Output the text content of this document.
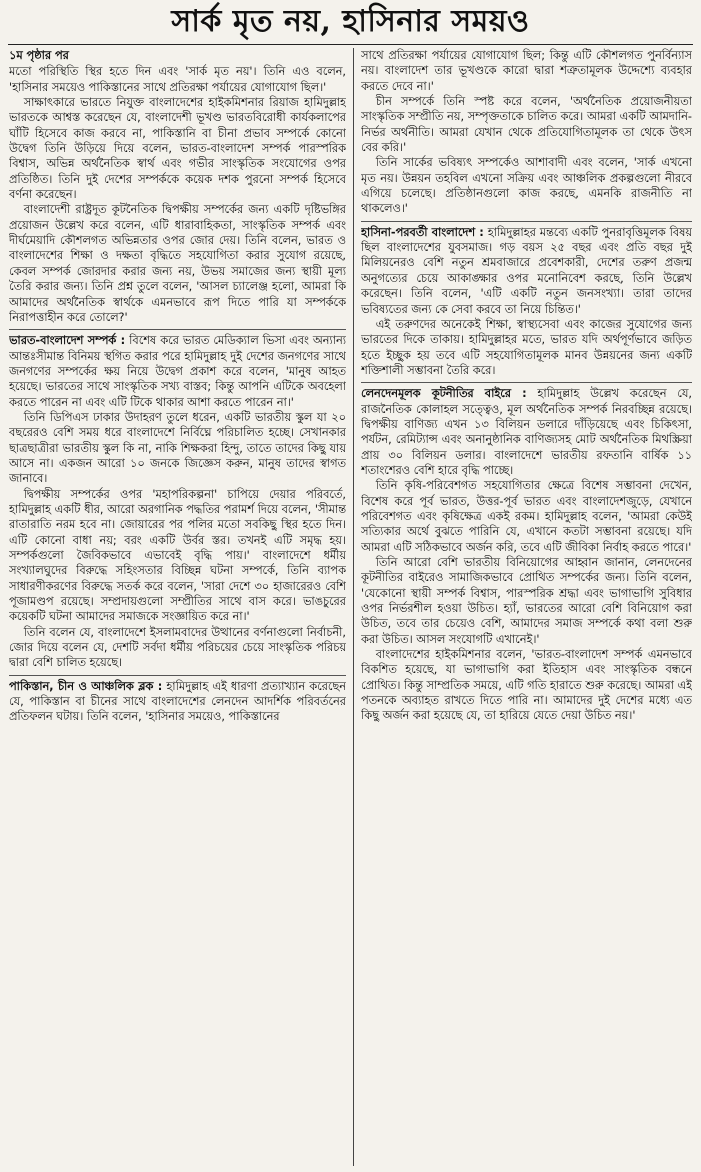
সার্ক মৃত নয়, হাসিনার সময়ও
১ম পৃষ্ঠার পর

মতো পরিস্থিতি স্থির হতে দিন এবং 'সার্ক মৃত নয়'। তিনি এও বলেন, 'হাসিনার সময়েও পাকিস্তানের সাথে প্রতিরক্ষা পর্যায়ের যোগাযোগ ছিল।'

সাক্ষাৎকারে ভারতে নিযুক্ত বাংলাদেশের হাইকমিশনার রিয়াজ হামিদুল্লাহ ভারতকে আশ্বস্ত করেছেন যে, বাংলাদেশী ভূখণ্ড ভারতবিরোধী কার্যকলাপের ঘাঁটি হিসেবে কাজ করবে না, পাকিস্তানি বা চীনা প্রভাব সম্পর্কে কোনো উদ্বেগ তিনি উড়িয়ে দিয়ে বলেন, ভারত-বাংলাদেশ সম্পর্ক পারস্পরিক বিশ্বাস, অভিন্ন অর্থনৈতিক স্বার্থ এবং গভীর সাংস্কৃতিক সংযোগের ওপর প্রতিষ্ঠিত। তিনি দুই দেশের সম্পর্ককে কয়েক দশক পুরনো সম্পর্ক হিসেবে বর্ণনা করেছেন।

বাংলাদেশী রাষ্ট্রদূত কূটনৈতিক দ্বিপক্ষীয় সম্পর্কের জন্য একটি দৃষ্টিভঙ্গির প্রয়োজন উল্লেখ করে বলেন, এটি ধারাবাহিকতা, সাংস্কৃতিক সম্পর্ক এবং দীর্ঘমেয়াদি কৌশলগত অভিন্নতার ওপর জোর দেয়। তিনি বলেন, ভারত ও বাংলাদেশের শিক্ষা ও দক্ষতা বৃদ্ধিতে সহযোগিতা করার সুযোগ রয়েছে, কেবল সম্পর্ক জোরদার করার জন্য নয়, উভয় সমাজের জন্য স্থায়ী মূল্য তৈরি করার জন্য। তিনি প্রশ্ন তুলে বলেন, 'আসল চ্যালেঞ্জ হলো, আমরা কি আমাদের অর্থনৈতিক স্বার্থকে এমনভাবে রূপ দিতে পারি যা সম্পর্ককে নিরাপত্তাহীন করে তোলে?'

ভারত-বাংলাদেশ সম্পর্ক : বিশেষ করে ভারত মেডিক্যাল ভিসা এবং অন্যান্য আন্তঃসীমান্ত বিনিময় স্থগিত করার পরে হামিদুল্লাহ দুই দেশের জনগণের সাথে জনগণের সম্পর্কের ক্ষয় নিয়ে উদ্বেগ প্রকাশ করে বলেন, 'মানুষ আহত হয়েছে। ভারতের সাথে সাংস্কৃতিক সখ্য বাস্তব; কিন্তু আপনি এটিকে অবহেলা করতে পারেন না এবং এটি টিকে থাকার আশা করতে পারেন না।'

তিনি ডিপিএস ঢাকার উদাহরণ তুলে ধরেন, একটি ভারতীয় স্কুল যা ২০ বছরেরও বেশি সময় ধরে বাংলাদেশে নির্বিঘ্নে পরিচালিত হচ্ছে। সেখানকার ছাত্রছাত্রীরা ভারতীয় স্কুল কি না, নাকি শিক্ষকরা হিন্দু, তাতে তাদের কিছু যায় আসে না। একজন আরো ১০ জনকে জিজ্ঞেস করুন, মানুষ তাদের স্বাগত জানাবে।

দ্বিপক্ষীয় সম্পর্কের ওপর 'মহাপরিকল্পনা' চাপিয়ে দেয়ার পরিবর্তে, হামিদুল্লাহ একটি ধীর, আরো অরগানিক পদ্ধতির পরামর্শ দিয়ে বলেন, 'সীমান্ত রাতারাতি নরম হবে না। জোয়ারের পর পলির মতো সবকিছু স্থির হতে দিন। এটি কোনো বাধা নয়; বরং একটি উর্বর স্তর। তখনই এটি সমৃদ্ধ হয়। সম্পর্কগুলো জৈবিকভাবে এভাবেই বৃদ্ধি পায়।' বাংলাদেশে ধর্মীয় সংখ্যালঘুদের বিরুদ্ধে সহিংসতার বিচ্ছিন্ন ঘটনা সম্পর্কে, তিনি ব্যাপক সাধারণীকরণের বিরুদ্ধে সতর্ক করে বলেন, 'সারা দেশে ৩০ হাজারেরও বেশি পূজামণ্ডপ রয়েছে। সম্প্রদায়গুলো সম্প্রীতির সাথে বাস করে। ভাঙচুরের কয়েকটি ঘটনা আমাদের সমাজকে সংজ্ঞায়িত করে না।'

তিনি বলেন যে, বাংলাদেশে ইসলামবাদের উত্থানের বর্ণনাগুলো নির্বাচনী, জোর দিয়ে বলেন যে, দেশটি সর্বদা ধর্মীয় পরিচয়ের চেয়ে সাংস্কৃতিক পরিচয় দ্বারা বেশি চালিত হয়েছে।

পাকিস্তান, চীন ও আঞ্চলিক ব্লক : হামিদুল্লাহ এই ধারণা প্রত্যাখ্যান করেছেন যে, পাকিস্তান বা চীনের সাথে বাংলাদেশের লেনদেন আদর্শিক পরিবর্তনের প্রতিফলন ঘটায়। তিনি বলেন, 'হাসিনার সময়েও, পাকিস্তানের

সাথে প্রতিরক্ষা পর্যায়ের যোগাযোগ ছিল; কিন্তু এটি কৌশলগত পুনর্বিন্যাস নয়। বাংলাদেশ তার ভূখণ্ডকে কারো দ্বারা শত্রুতামূলক উদ্দেশ্যে ব্যবহার করতে দেবে না।'

চীন সম্পর্কে তিনি স্পষ্ট করে বলেন, 'অর্থনৈতিক প্রয়োজনীয়তা সাংস্কৃতিক সম্প্রীতি নয়, সম্পৃক্ততাকে চালিত করে। আমরা একটি আমদানি-নির্ভর অর্থনীতি। আমরা যেখান থেকে প্রতিযোগিতামূলক তা থেকে উৎস বের করি।'

তিনি সার্কের ভবিষ্যৎ সম্পর্কেও আশাবাদী এবং বলেন, 'সার্ক এখনো মৃত নয়। উন্নয়ন তহবিল এখনো সক্রিয় এবং আঞ্চলিক প্রকল্পগুলো নীরবে এগিয়ে চলেছে। প্রতিষ্ঠানগুলো কাজ করছে, এমনকি রাজনীতি না থাকলেও।'

হাসিনা-পরবর্তী বাংলাদেশ : হামিদুল্লাহর মন্তব্যে একটি পুনরাবৃত্তিমূলক বিষয় ছিল বাংলাদেশের যুবসমাজ। গড় বয়স ২৫ বছর এবং প্রতি বছর দুই মিলিয়নেরও বেশি নতুন শ্রমবাজারে প্রবেশকারী, দেশের তরুণ প্রজন্ম অনুগত্যের চেয়ে আকাঙ্ক্ষার ওপর মনোনিবেশ করছে, তিনি উল্লেখ করেছেন। তিনি বলেন, 'এটি একটি নতুন জনসংখ্যা। তারা তাদের ভবিষ্যতের জন্য কে সেবা করবে তা নিয়ে চিন্তিত।'

এই তরুণদের অনেকেই শিক্ষা, স্বাস্থ্যসেবা এবং কাজের সুযোগের জন্য ভারতের দিকে তাকায়। হামিদুল্লাহর মতে, ভারত যদি অর্থপূর্ণভাবে জড়িত হতে ইচ্ছুক হয় তবে এটি সহযোগিতামূলক মানব উন্নয়নের জন্য একটি শক্তিশালী সম্ভাবনা তৈরি করে।

লেনদেনমূলক কূটনীতির বাইরে : হামিদুল্লাহ উল্লেখ করেছেন যে, রাজনৈতিক কোলাহল সত্ত্বেও, মূল অর্থনৈতিক সম্পর্ক নিরবচ্ছিন্ন রয়েছে। দ্বিপক্ষীয় বাণিজ্য এখন ১৩ বিলিয়ন ডলারে দাঁড়িয়েছে এবং চিকিৎসা, পর্যটন, রেমিট্যান্স এবং অনানুষ্ঠানিক বাণিজ্যসহ মোট অর্থনৈতিক মিথস্ক্রিয়া প্রায় ৩০ বিলিয়ন ডলার। বাংলাদেশে ভারতীয় রফতানি বার্ষিক ১১ শতাংশেরও বেশি হারে বৃদ্ধি পাচ্ছে।

তিনি কৃষি-পরিবেশগত সহযোগিতার ক্ষেত্রে বিশেষ সম্ভাবনা দেখেন, বিশেষ করে পূর্ব ভারত, উত্তর-পূর্ব ভারত এবং বাংলাদেশজুড়ে, যেখানে পরিবেশগত এবং কৃষিক্ষেত্র একই রকম। হামিদুল্লাহ বলেন, 'আমরা কেউই সত্যিকার অর্থে বুঝতে পারিনি যে, এখানে কতটা সম্ভাবনা রয়েছে। যদি আমরা এটি সঠিকভাবে অর্জন করি, তবে এটি জীবিকা নির্বাহ করতে পারে।'

তিনি আরো বেশি ভারতীয় বিনিয়োগের আহ্বান জানান, লেনদেনের কূটনীতির বাইরেও সামাজিকভাবে প্রোথিত সম্পর্কের জন্য। তিনি বলেন, 'যেকোনো স্থায়ী সম্পর্ক বিশ্বাস, পারস্পরিক শ্রদ্ধা এবং ভাগাভাগি সুবিধার ওপর নির্ভরশীল হওয়া উচিত। হ্যাঁ, ভারতের আরো বেশি বিনিয়োগ করা উচিত, তবে তার চেয়েও বেশি, আমাদের সমাজ সম্পর্কে কথা বলা শুরু করা উচিত। আসল সংযোগটি এখানেই।'

বাংলাদেশের হাইকমিশনার বলেন, 'ভারত-বাংলাদেশ সম্পর্ক এমনভাবে বিকশিত হয়েছে, যা ভাগাভাগি করা ইতিহাস এবং সাংস্কৃতিক বন্ধনে প্রোথিত। কিন্তু সাম্প্রতিক সময়ে, এটি গতি হারাতে শুরু করেছে। আমরা এই পতনকে অব্যাহত রাখতে দিতে পারি না। আমাদের দুই দেশের মধ্যে এত কিছু অর্জন করা হয়েছে যে, তা হারিয়ে যেতে দেয়া উচিত নয়।'
